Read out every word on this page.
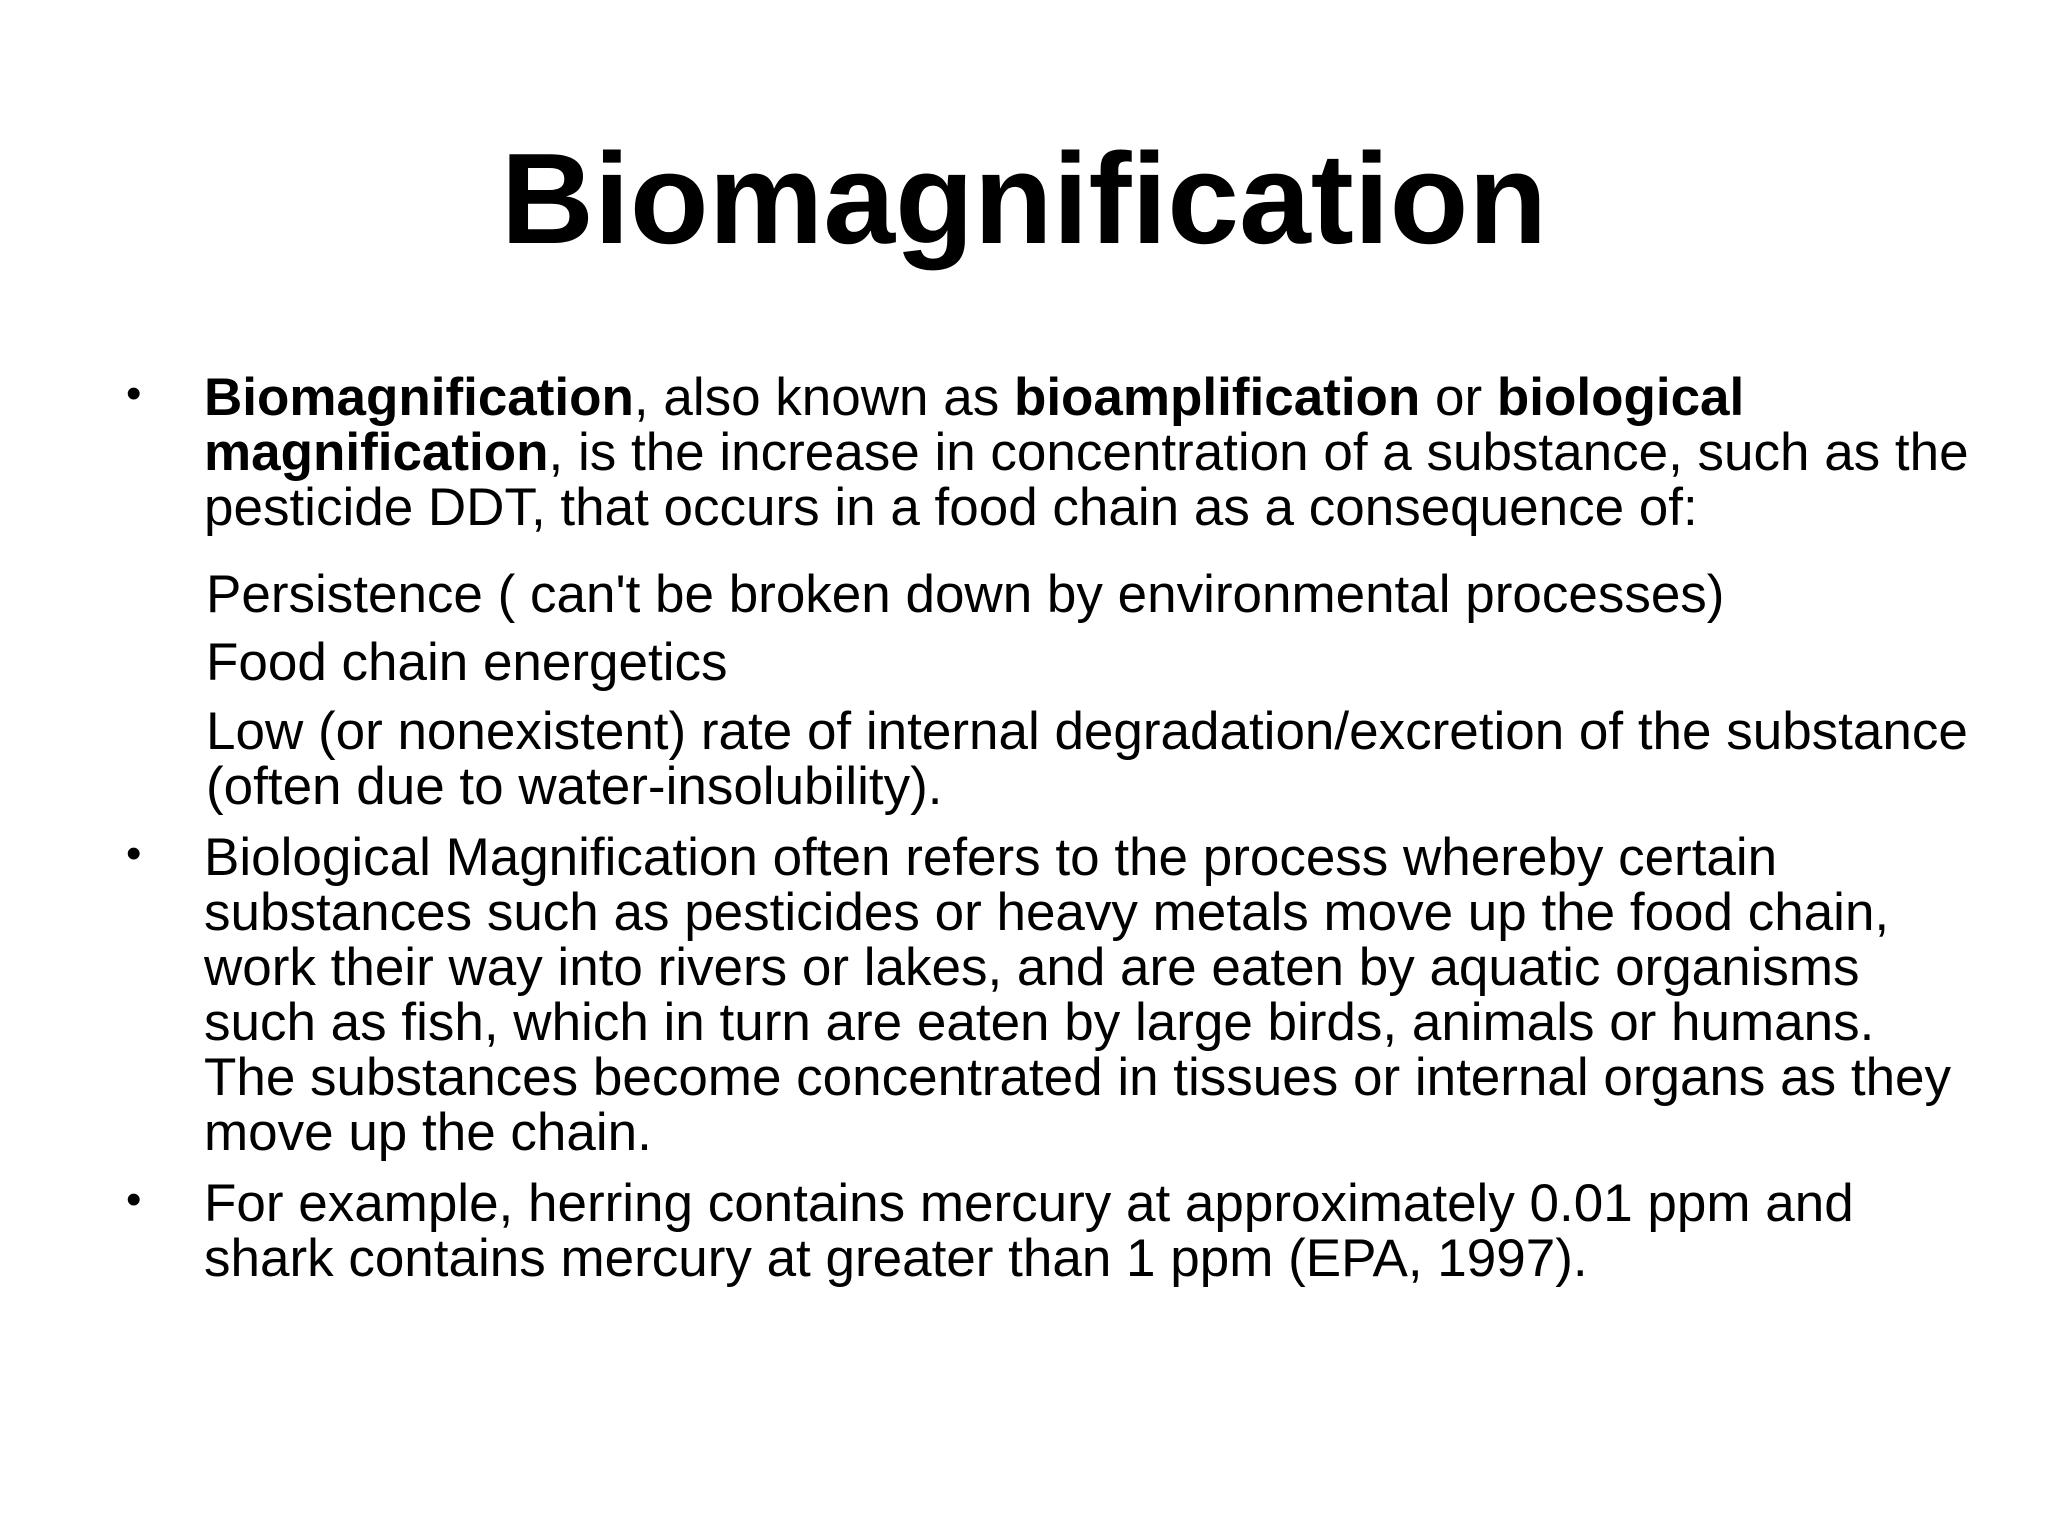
Biomagnification
• Biomagnification, also known as bioamplification or biological magnification, is the increase in concentration of a substance, such as the pesticide DDT, that occurs in a food chain as a consequence of:
Persistence ( can't be broken down by environmental processes)
Food chain energetics
Low (or nonexistent) rate of internal degradation/excretion of the substance (often due to water-insolubility).
• Biological Magnification often refers to the process whereby certain substances such as pesticides or heavy metals move up the food chain, work their way into rivers or lakes, and are eaten by aquatic organisms such as fish, which in turn are eaten by large birds, animals or humans. The substances become concentrated in tissues or internal organs as they move up the chain.
• For example, herring contains mercury at approximately 0.01 ppm and shark contains mercury at greater than 1 ppm (EPA, 1997).
